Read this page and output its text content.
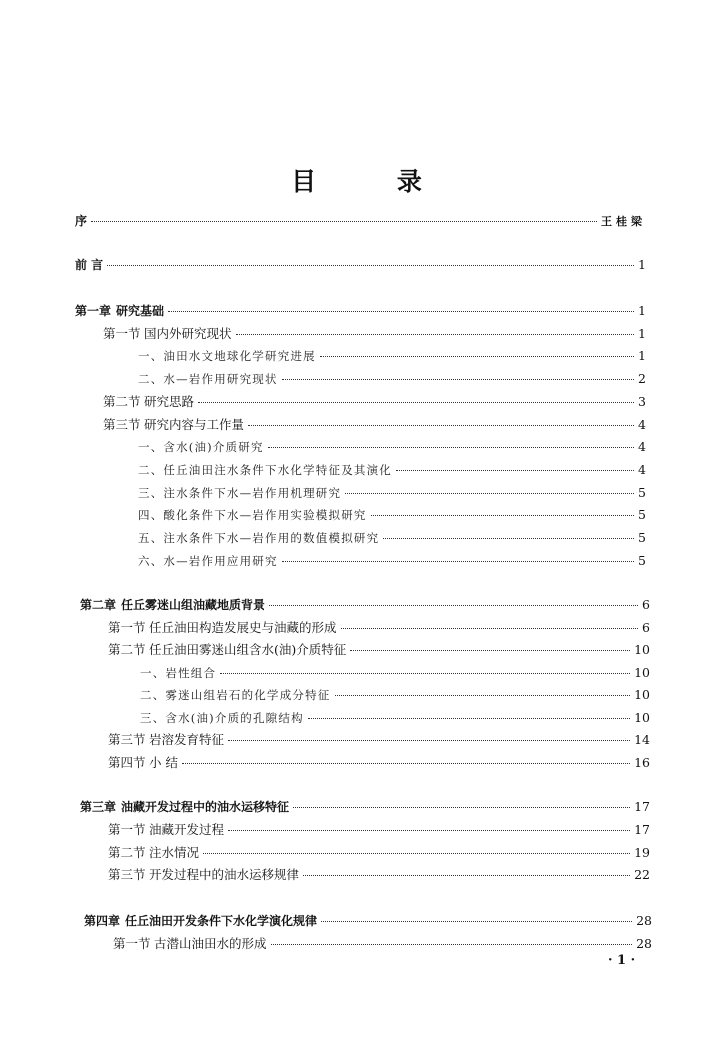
目 录
序	王桂梁
前 言	1
第一章 研究基础	1
第一节 国内外研究现状	1
一、油田水文地球化学研究进展	1
二、水—岩作用研究现状	2
第二节 研究思路	3
第三节 研究内容与工作量	4
一、含水(油)介质研究	4
二、任丘油田注水条件下水化学特征及其演化	4
三、注水条件下水—岩作用机理研究	5
四、酸化条件下水—岩作用实验模拟研究	5
五、注水条件下水—岩作用的数值模拟研究	5
六、水—岩作用应用研究	5
第二章 任丘雾迷山组油藏地质背景	6
第一节 任丘油田构造发展史与油藏的形成	6
第二节 任丘油田雾迷山组含水(油)介质特征	10
一、岩性组合	10
二、雾迷山组岩石的化学成分特征	10
三、含水(油)介质的孔隙结构	10
第三节 岩溶发育特征	14
第四节 小 结	16
第三章 油藏开发过程中的油水运移特征	17
第一节 油藏开发过程	17
第二节 注水情况	19
第三节 开发过程中的油水运移规律	22
第四章 任丘油田开发条件下水化学演化规律	28
第一节 古潜山油田水的形成	28
· 1 ·
